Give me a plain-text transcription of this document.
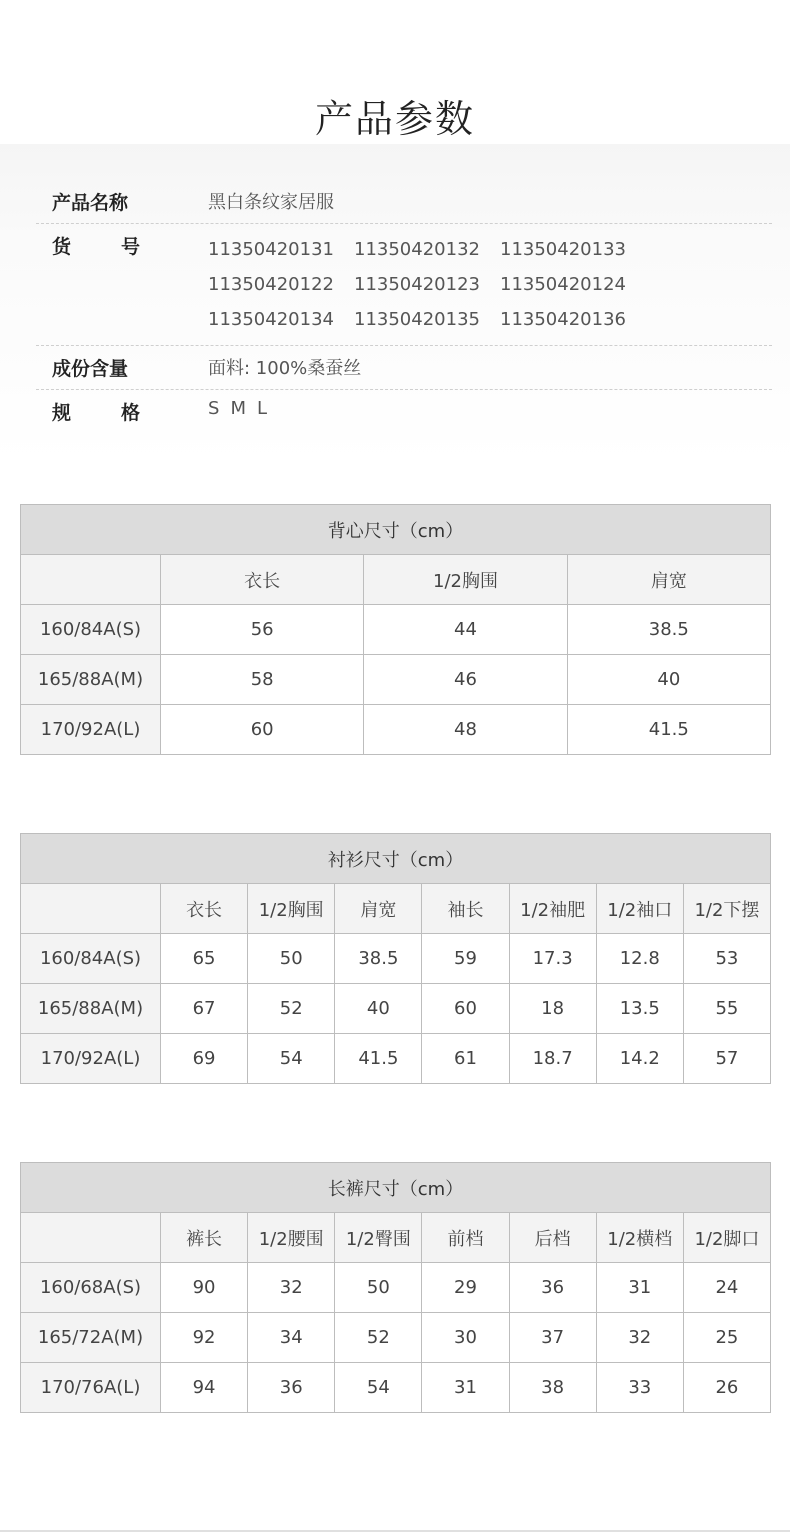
产品参数
产品名称	黑白条纹家居服
货	号	11350420131 11350420132 11350420133
11350420122 11350420123 11350420124
11350420134 11350420135 11350420136
成份含量	面料: 100%桑蚕丝
规	格	S M L
背心尺寸（cm）			
	衣长	1/2胸围	肩宽
160/84A(S)	56	44	38.5
165/88A(M)	58	46	40
170/92A(L)	60	48	41.5
衬衫尺寸（cm）							
	衣长	1/2胸围	肩宽	袖长	1/2袖肥	1/2袖口	1/2下摆
160/84A(S)	65	50	38.5	59	17.3	12.8	53
165/88A(M)	67	52	40	60	18	13.5	55
170/92A(L)	69	54	41.5	61	18.7	14.2	57
长裤尺寸（cm）							
	裤长	1/2腰围	1/2臀围	前档	后档	1/2横档	1/2脚口
160/68A(S)	90	32	50	29	36	31	24
165/72A(M)	92	34	52	30	37	32	25
170/76A(L)	94	36	54	31	38	33	26
